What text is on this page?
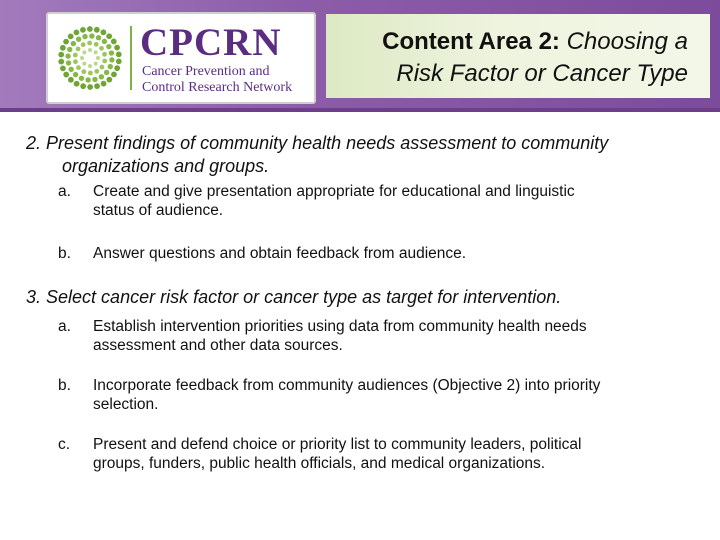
CPCRN
Cancer Prevention and
Control Research Network
Content Area 2: Choosing a
Risk Factor or Cancer Type
2. Present findings of community health needs assessment to community
organizations and groups.
a. Create and give presentation appropriate for educational and linguistic
status of audience.
b. Answer questions and obtain feedback from audience.
3. Select cancer risk factor or cancer type as target for intervention.
a. Establish intervention priorities using data from community health needs
assessment and other data sources.
b. Incorporate feedback from community audiences (Objective 2) into priority
selection.
c. Present and defend choice or priority list to community leaders, political
groups, funders, public health officials, and medical organizations.
